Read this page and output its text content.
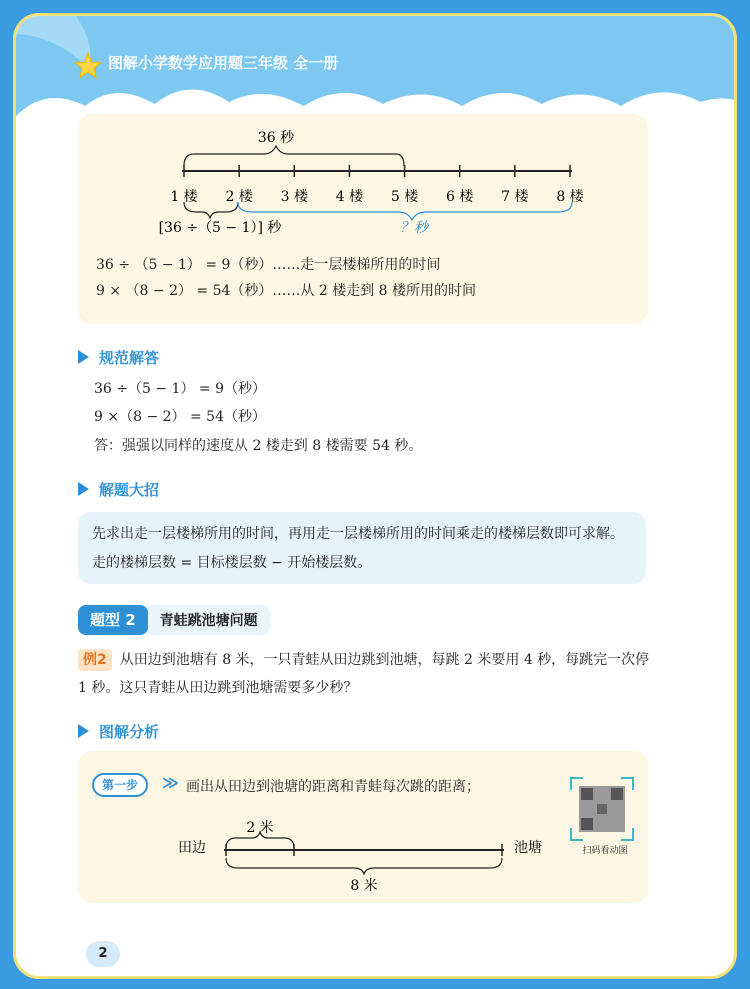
图解小学数学应用题三年级 全一册
36 秒
1 楼 2 楼 3 楼 4 楼 5 楼 6 楼 7 楼 8 楼
[36 ÷（5 − 1）] 秒	？秒
36 ÷ （5 − 1） = 9（秒）……走一层楼梯所用的时间
9 × （8 − 2） = 54（秒）……从 2 楼走到 8 楼所用的时间
规范解答
36 ÷（5 − 1） = 9（秒）
9 ×（8 − 2） = 54（秒）
答：强强以同样的速度从 2 楼走到 8 楼需要 54 秒。
解题大招
先求出走一层楼梯所用的时间，再用走一层楼梯所用的时间乘走的楼梯层数即可求解。走的楼梯层数 = 目标楼层数 − 开始楼层数。
题型 2	青蛙跳池塘问题
例2 从田边到池塘有 8 米，一只青蛙从田边跳到池塘，每跳 2 米要用 4 秒，每跳完一次停 1 秒。这只青蛙从田边跳到池塘需要多少秒？
图解分析
第一步	≫ 画出从田边到池塘的距离和青蛙每次跳的距离；
田边	池塘
2 米
8 米
扫码看动图
2
